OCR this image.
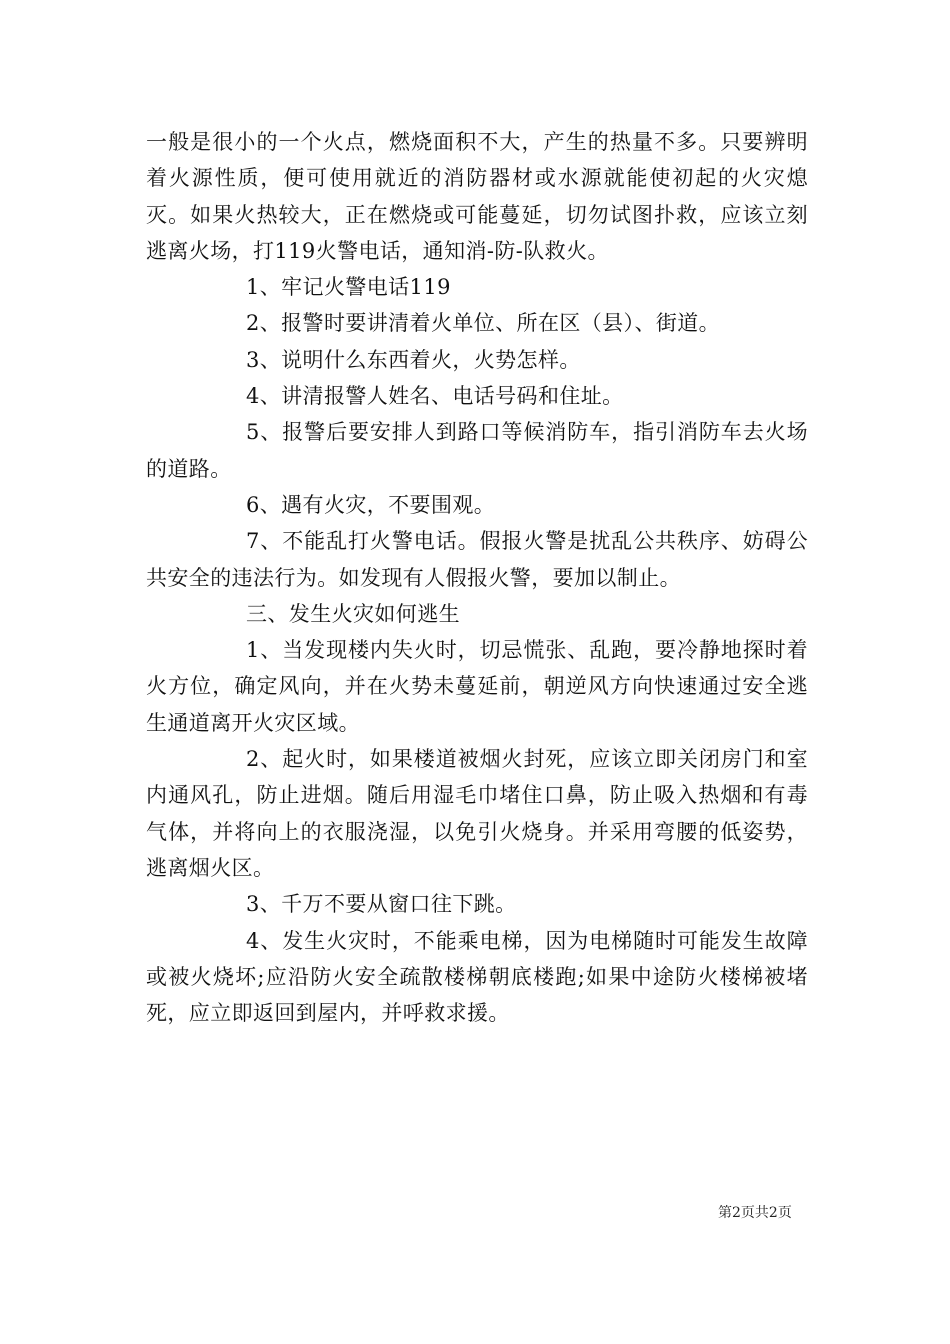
一般是很小的一个火点，燃烧面积不大，产生的热量不多。只要辨明着火源性质，便可使用就近的消防器材或水源就能使初起的火灾熄灭。如果火热较大，正在燃烧或可能蔓延，切勿试图扑救，应该立刻逃离火场，打119火警电话，通知消-防-队救火。

1、牢记火警电话119

2、报警时要讲清着火单位、所在区（县）、街道。

3、说明什么东西着火，火势怎样。

4、讲清报警人姓名、电话号码和住址。

5、报警后要安排人到路口等候消防车，指引消防车去火场的道路。

6、遇有火灾，不要围观。

7、不能乱打火警电话。假报火警是扰乱公共秩序、妨碍公共安全的违法行为。如发现有人假报火警，要加以制止。

三、发生火灾如何逃生

1、当发现楼内失火时，切忌慌张、乱跑，要冷静地探时着火方位，确定风向，并在火势未蔓延前，朝逆风方向快速通过安全逃生通道离开火灾区域。

2、起火时，如果楼道被烟火封死，应该立即关闭房门和室内通风孔，防止进烟。随后用湿毛巾堵住口鼻，防止吸入热烟和有毒气体，并将向上的衣服浇湿，以免引火烧身。并采用弯腰的低姿势，逃离烟火区。

3、千万不要从窗口往下跳。

4、发生火灾时，不能乘电梯，因为电梯随时可能发生故障或被火烧坏;应沿防火安全疏散楼梯朝底楼跑;如果中途防火楼梯被堵死，应立即返回到屋内，并呼救求援。

第2页共2页
